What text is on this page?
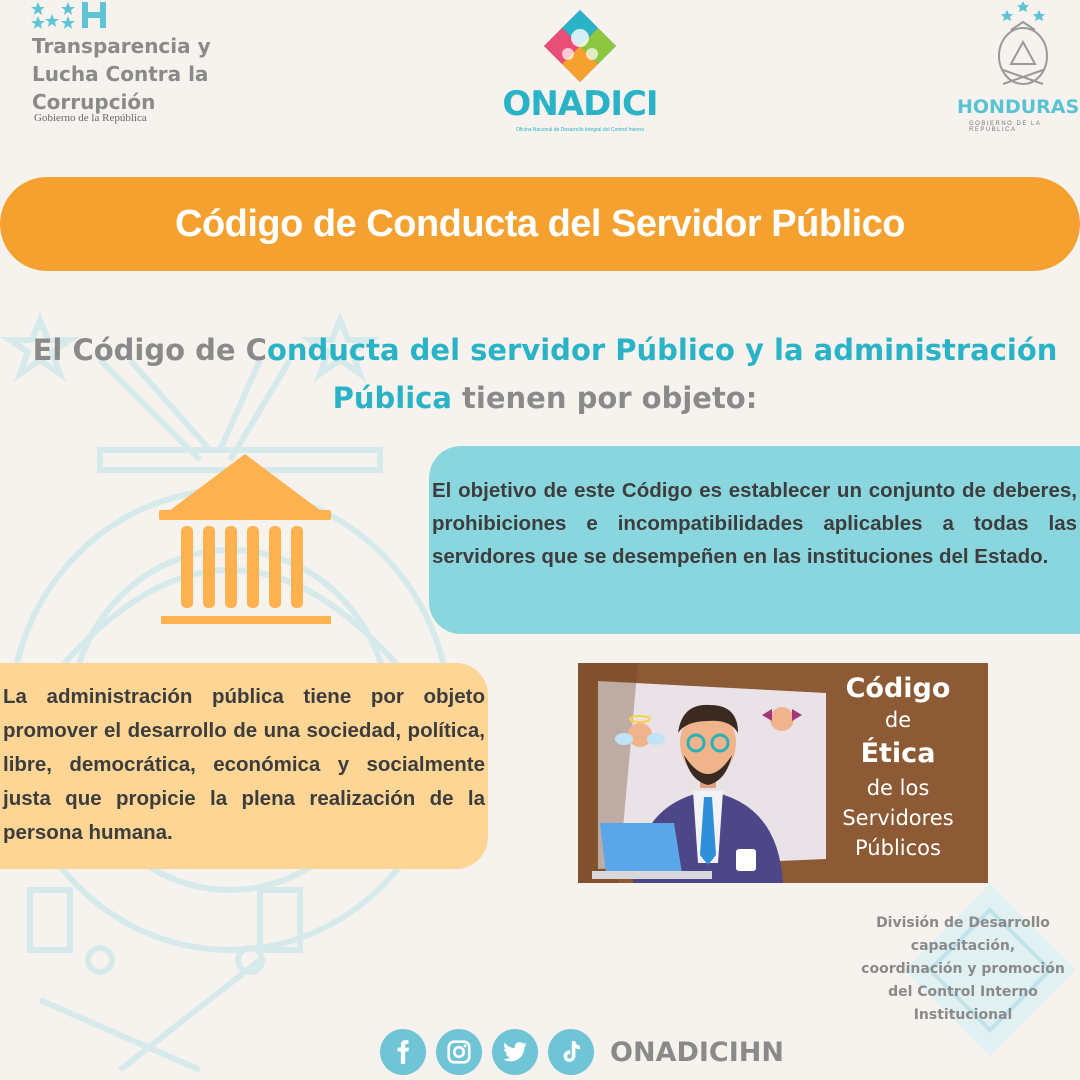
Transparencia y
Lucha Contra la
Corrupción
Gobierno de la República	ONADICI
Oficina Nacional de Desarrollo Integral del Control Interno
HONDURAS
GOBIERNO DE LA REPÚBLICA
Código de Conducta del Servidor Público
El Código de Conducta del servidor Público y la administración Pública tienen por objeto:

El objetivo de este Código es establecer un conjunto de deberes, prohibiciones e incompatibilidades aplicables a todas las servidores que se desempeñen en las instituciones del Estado.

La administración pública tiene por objeto promover el desarrollo de una sociedad, política, libre, democrática, económica y socialmente justa que propicie la plena realización de la persona humana.

Código
de
Ética
de los
Servidores
Públicos
División de Desarrollo
capacitación,
coordinación y promoción
del Control Interno
Institucional
ONADICIHN
